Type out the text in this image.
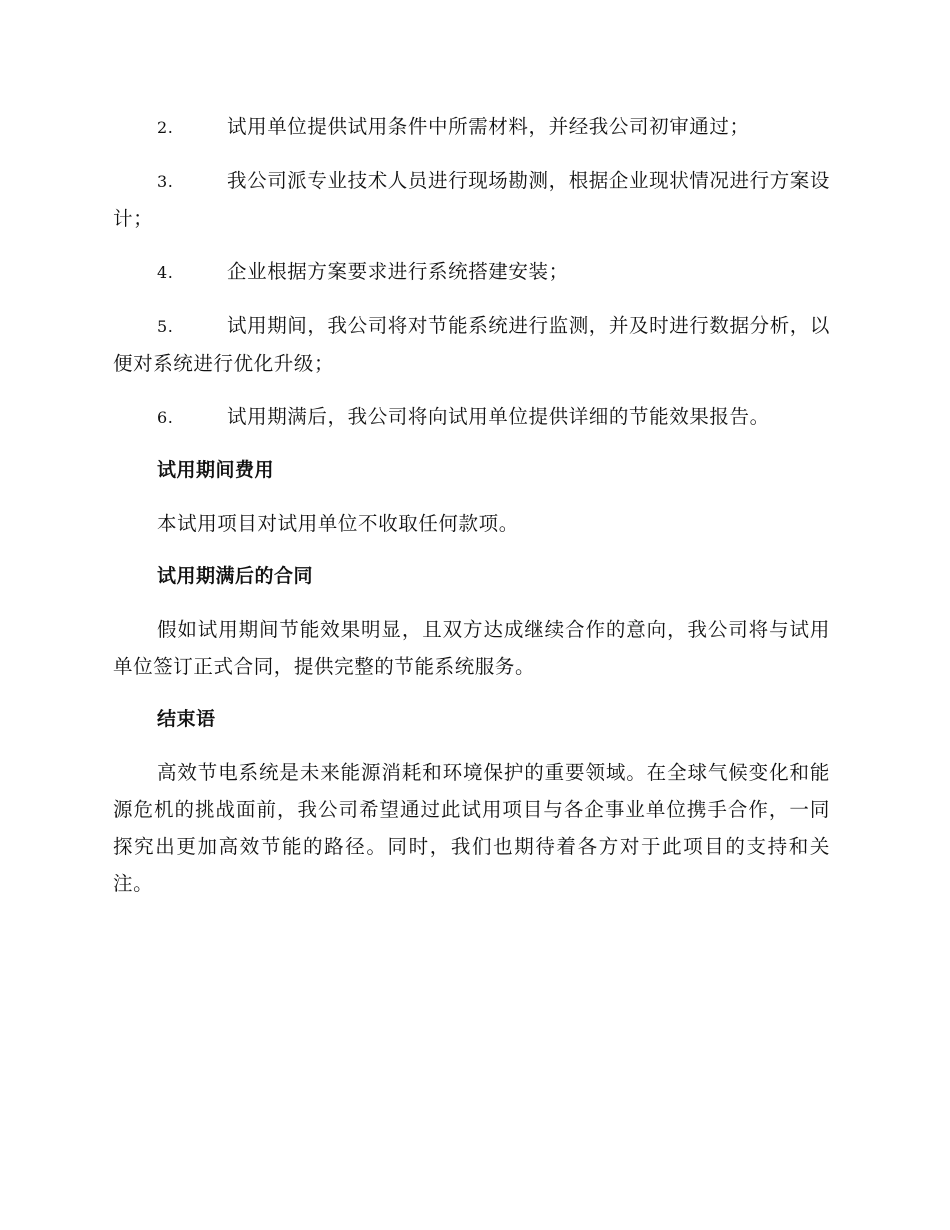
2.	试用单位提供试用条件中所需材料，并经我公司初审通过；
3.	我公司派专业技术人员进行现场勘测，根据企业现状情况进行方案设计；
4.	企业根据方案要求进行系统搭建安装；
5.	试用期间，我公司将对节能系统进行监测，并及时进行数据分析，以便对系统进行优化升级；
6.	试用期满后，我公司将向试用单位提供详细的节能效果报告。
试用期间费用

本试用项目对试用单位不收取任何款项。

试用期满后的合同

假如试用期间节能效果明显，且双方达成继续合作的意向，我公司将与试用单位签订正式合同，提供完整的节能系统服务。

结束语

高效节电系统是未来能源消耗和环境保护的重要领域。在全球气候变化和能源危机的挑战面前，我公司希望通过此试用项目与各企事业单位携手合作，一同探究出更加高效节能的路径。同时，我们也期待着各方对于此项目的支持和关注。
